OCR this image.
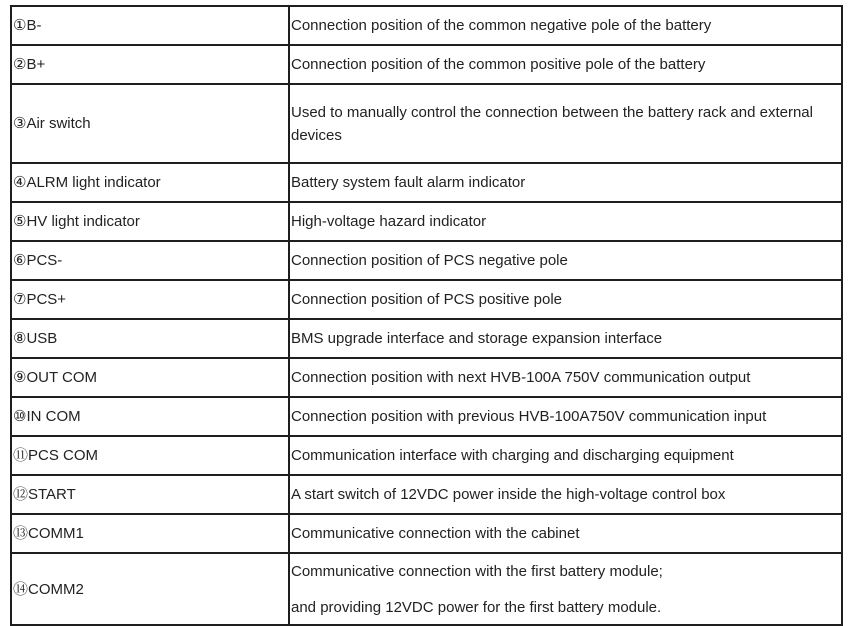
①B-	Connection position of the common negative pole of the battery

②B+	Connection position of the common positive pole of the battery

③Air switch	Used to manually control the connection between the battery rack and external devices

④ALRM light indicator	Battery system fault alarm indicator

⑤HV light indicator	High-voltage hazard indicator

⑥PCS-	Connection position of PCS negative pole

⑦PCS+	Connection position of PCS positive pole

⑧USB	BMS upgrade interface and storage expansion interface

⑨OUT COM	Connection position with next HVB-100A 750V communication output

⑩IN COM	Connection position with previous HVB-100A750V communication input

⑪PCS COM	Communication interface with charging and discharging equipment

⑫START	A start switch of 12VDC power inside the high-voltage control box

⑬COMM1	Communicative connection with the cabinet

⑭COMM2	Communicative connection with the first battery module;
and providing 12VDC power for the first battery module.
